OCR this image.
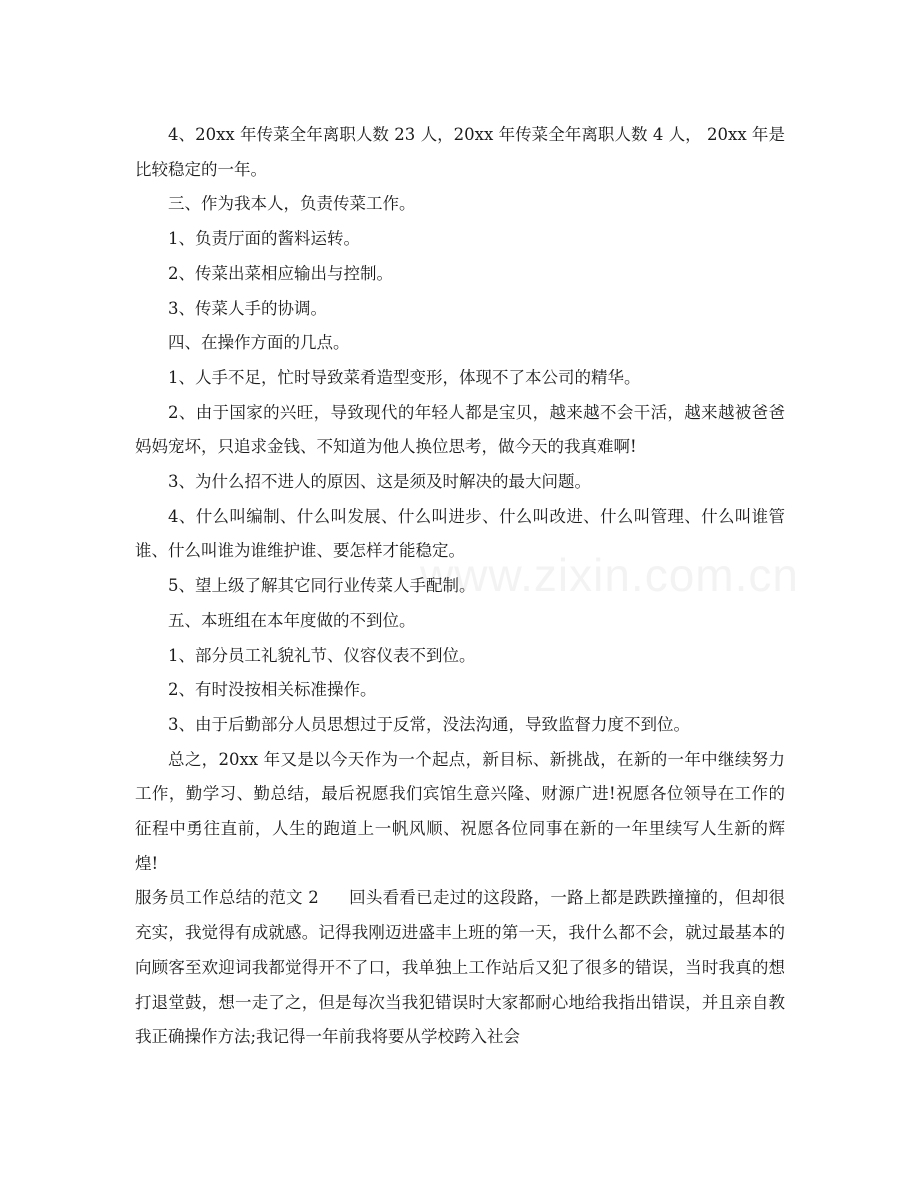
www.zixin.com.cn

4、20xx 年传菜全年离职人数 23 人，20xx 年传菜全年离职人数 4 人， 20xx 年是比较稳定的一年。

三、作为我本人，负责传菜工作。

1、负责厅面的酱料运转。

2、传菜出菜相应输出与控制。

3、传菜人手的协调。

四、在操作方面的几点。

1、人手不足，忙时导致菜肴造型变形，体现不了本公司的精华。

2、由于国家的兴旺，导致现代的年轻人都是宝贝，越来越不会干活，越来越被爸爸妈妈宠坏，只追求金钱、不知道为他人换位思考，做今天的我真难啊!

3、为什么招不进人的原因、这是须及时解决的最大问题。

4、什么叫编制、什么叫发展、什么叫进步、什么叫改进、什么叫管理、什么叫谁管谁、什么叫谁为谁维护谁、要怎样才能稳定。

5、望上级了解其它同行业传菜人手配制。

五、本班组在本年度做的不到位。

1、部分员工礼貌礼节、仪容仪表不到位。

2、有时没按相关标准操作。

3、由于后勤部分人员思想过于反常，没法沟通，导致监督力度不到位。

总之，20xx 年又是以今天作为一个起点，新目标、新挑战，在新的一年中继续努力工作，勤学习、勤总结，最后祝愿我们宾馆生意兴隆、财源广进!祝愿各位领导在工作的征程中勇往直前，人生的跑道上一帆风顺、祝愿各位同事在新的一年里续写人生新的辉煌!

服务员工作总结的范文 2 回头看看已走过的这段路，一路上都是跌跌撞撞的，但却很充实，我觉得有成就感。记得我刚迈进盛丰上班的第一天，我什么都不会，就过最基本的向顾客至欢迎词我都觉得开不了口，我单独上工作站后又犯了很多的错误，当时我真的想打退堂鼓，想一走了之，但是每次当我犯错误时大家都耐心地给我指出错误，并且亲自教我正确操作方法;我记得一年前我将要从学校跨入社会
